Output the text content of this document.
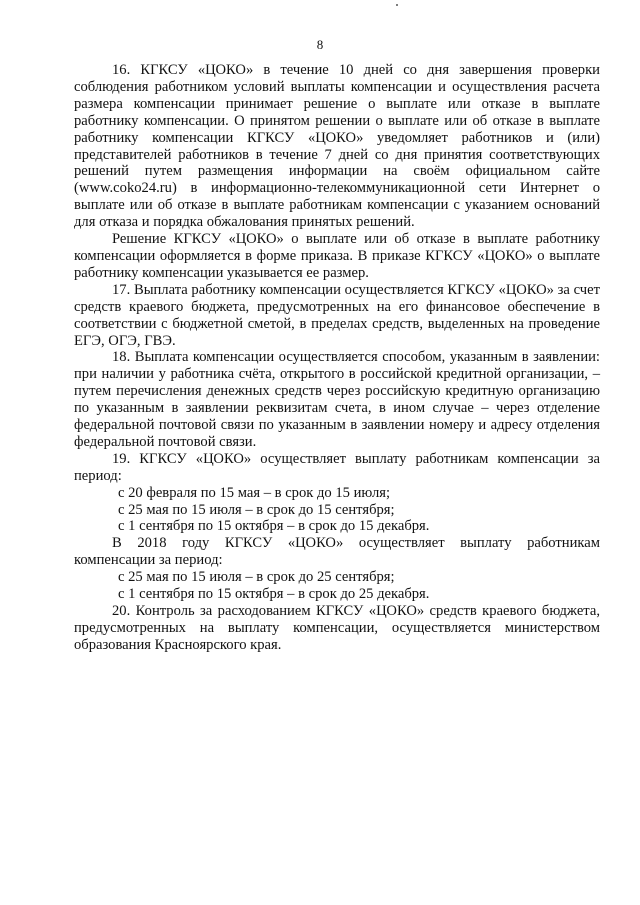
8

16. КГКСУ «ЦОКО» в течение 10 дней со дня завершения проверки соблюдения работником условий выплаты компенсации и осуществления расчета размера компенсации принимает решение о выплате или отказе в выплате работнику компенсации. О принятом решении о выплате или об отказе в выплате работнику компенсации КГКСУ «ЦОКО» уведомляет работников и (или) представителей работников в течение 7 дней со дня принятия соответствующих решений путем размещения информации на своём официальном сайте (www.coko24.ru) в информационно-телекоммуникационной сети Интернет о выплате или об отказе в выплате работникам компенсации с указанием оснований для отказа и порядка обжалования принятых решений.

Решение КГКСУ «ЦОКО» о выплате или об отказе в выплате работнику компенсации оформляется в форме приказа. В приказе КГКСУ «ЦОКО» о выплате работнику компенсации указывается ее размер.

17. Выплата работнику компенсации осуществляется КГКСУ «ЦОКО» за счет средств краевого бюджета, предусмотренных на его финансовое обеспечение в соответствии с бюджетной сметой, в пределах средств, выделенных на проведение ЕГЭ, ОГЭ, ГВЭ.

18. Выплата компенсации осуществляется способом, указанным в заявлении: при наличии у работника счёта, открытого в российской кредитной организации, – путем перечисления денежных средств через российскую кредитную организацию по указанным в заявлении реквизитам счета, в ином случае – через отделение федеральной почтовой связи по указанным в заявлении номеру и адресу отделения федеральной почтовой связи.

19. КГКСУ «ЦОКО» осуществляет выплату работникам компенсации за период:

с 20 февраля по 15 мая – в срок до 15 июля;

с 25 мая по 15 июля – в срок до 15 сентября;

с 1 сентября по 15 октября – в срок до 15 декабря.

В 2018 году КГКСУ «ЦОКО» осуществляет выплату работникам компенсации за период:

с 25 мая по 15 июля – в срок до 25 сентября;

с 1 сентября по 15 октября – в срок до 25 декабря.

20. Контроль за расходованием КГКСУ «ЦОКО» средств краевого бюджета, предусмотренных на выплату компенсации, осуществляется министерством образования Красноярского края.
